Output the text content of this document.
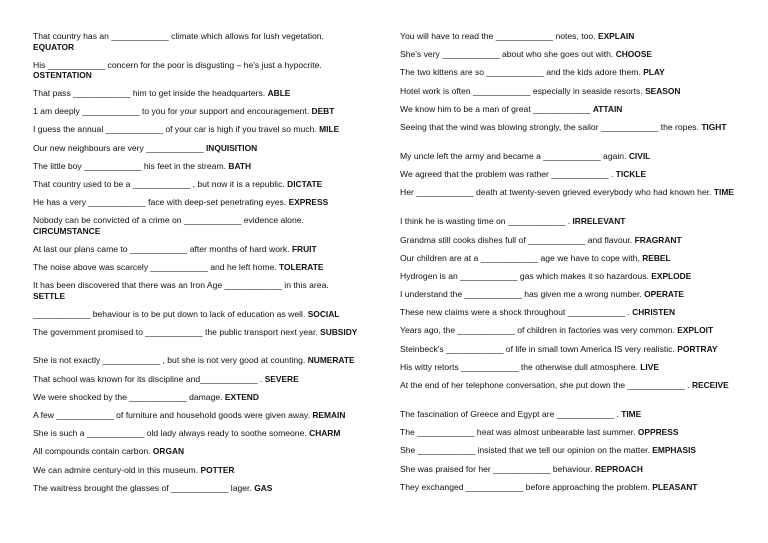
That country has an ____________ climate which allows for lush vegetation. EQUATOR

His ____________ concern for the poor is disgusting – he's just a hypocrite. OSTENTATION

That pass ____________ him to get inside the headquarters. ABLE

1 am deeply ____________ to you for your support and encouragement. DEBT

I guess the annual ____________ of your car is high if you travel so much. MILE

Our new neighbours are very ____________ INQUISITION

The little boy ____________ his feet in the stream. BATH

That country used to be a ____________ , but now it is a republic. DICTATE

He has a very ____________ face with deep-set penetrating eyes. EXPRESS

Nobody can be convicted of a crime on ____________ evidence alone. CIRCUMSTANCE

At last our plans came to ____________ after months of hard work. FRUIT

The noise above was scarcely ____________ and he left home. TOLERATE

It has been discovered that there was an Iron Age ____________ in this area. SETTLE

____________ behaviour is to be put down to lack of education as well. SOCIAL

The government promised to ____________ the public transport next year. SUBSIDY

She is not exactly ____________ , but she is not very good at counting. NUMERATE

That school was known for its discipline and____________ . SEVERE

We were shocked by the ____________ damage. EXTEND

A few ____________ of furniture and household goods were given away. REMAIN

She is such a ____________ old lady always ready to soothe someone. CHARM

All compounds contain carbon. ORGAN

We can admire century-old in this museum. POTTER

The waitress brought the glasses of ____________ lager. GAS

You will have to read the ____________ notes, too. EXPLAIN

She's very ____________ about who she goes out with. CHOOSE

The two kittens are so ____________ and the kids adore them. PLAY

Hotel work is often ____________ especially in seaside resorts. SEASON

We know him to be a man of great ____________ ATTAIN

Seeing that the wind was blowing strongly, the sailor ____________ the ropes. TIGHT

My uncle left the army and became a ____________ again. CIVIL

We agreed that the problem was rather ____________ . TICKLE

Her ____________ death at twenty-seven grieved everybody who had known her. TIME

I think he is wasting time on ____________ . IRRELEVANT

Grandma still cooks dishes full of ____________ and flavour. FRAGRANT

Our children are at a ____________ age we have to cope with, REBEL

Hydrogen is an ____________ gas which makes it so hazardous. EXPLODE

I understand the ____________ has given me a wrong number. OPERATE

These new claims were a shock throughout ____________ . CHRISTEN

Years ago, the ____________ of children in factories was very common. EXPLOIT

Steinbeck's ____________ of life in small town America IS very realistic. PORTRAY

His witty retorts ____________ the otherwise dull atmosphere. LIVE

At the end of her telephone conversation, she put down the ____________ . RECEIVE

The fascination of Greece and Egypt are ____________ . TIME

The ____________ heat was almost unbearable last summer. OPPRESS

She ____________ insisted that we tell our opinion on the matter. EMPHASIS

She was praised for her ____________ behaviour. REPROACH

They exchanged ____________ before approaching the problem. PLEASANT
